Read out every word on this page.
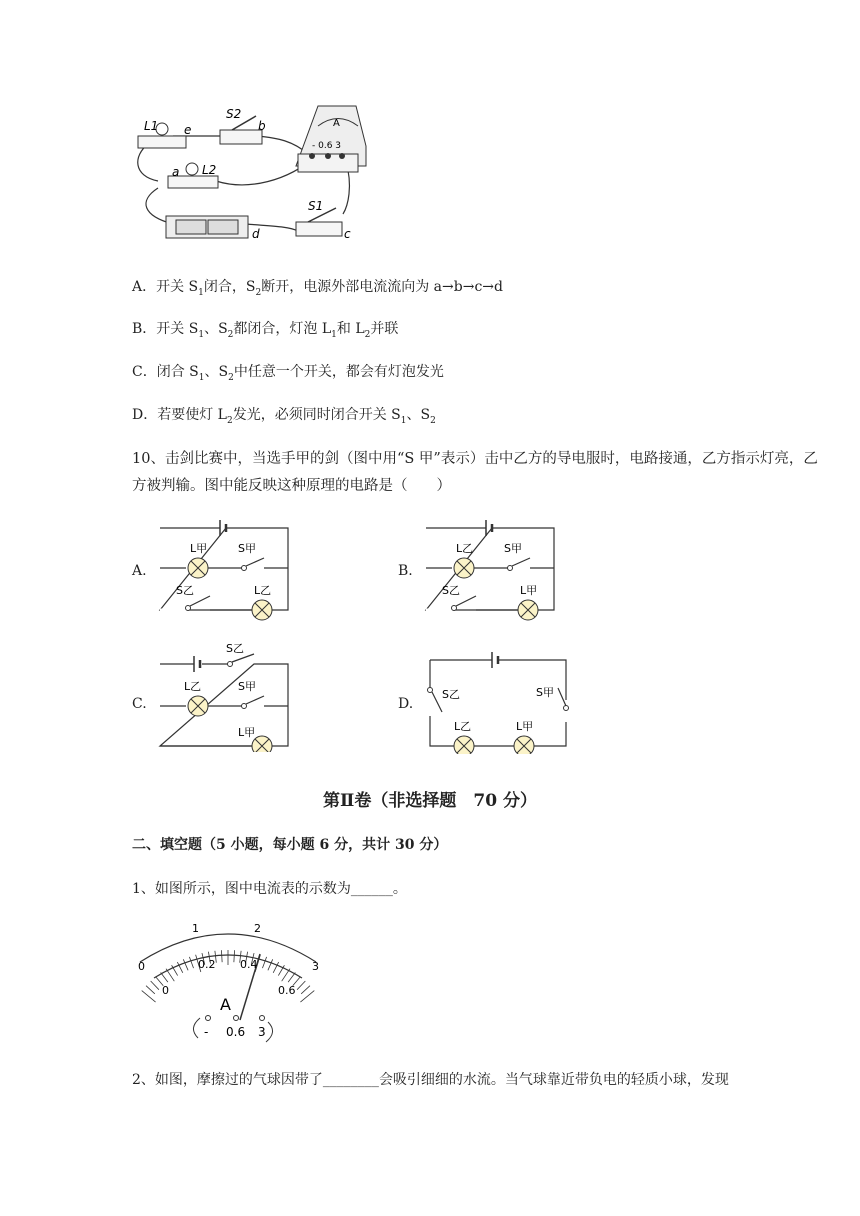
L1 e
S2
b	A
- 0.6 3
a L2
d
S1
c
A．开关 $S_1$闭合，$S_2$断开，电源外部电流流向为 a→b→c→d
B．开关 $S_1$、$S_2$都闭合，灯泡 $L_1$和 $L_2$并联
C．闭合 $S_1$、$S_2$中任意一个开关，都会有灯泡发光
D．若要使灯 $L_2$发光，必须同时闭合开关 $S_1$、$S_2$
10、击剑比赛中，当选手甲的剑（图中用“S 甲”表示）击中乙方的导电服时，电路接通，乙方指示灯亮，乙方被判输。图中能反映这种原理的电路是（　　）
A.
L甲	S甲
S乙	L乙
B.
L乙	S甲
S乙	L甲
C.
S乙
L乙	S甲
L甲
D.
S乙	S甲
L乙	L甲
第Ⅱ卷（非选择题　70 分）
二、填空题（5 小题，每小题 6 分，共计 30 分）
1、如图所示，图中电流表的示数为______。
0
1	2
3
0
0.2 0.4
0.6
A
- 0.6 3
2、如图，摩擦过的气球因带了________会吸引细细的水流。当气球靠近带负电的轻质小球，发现
